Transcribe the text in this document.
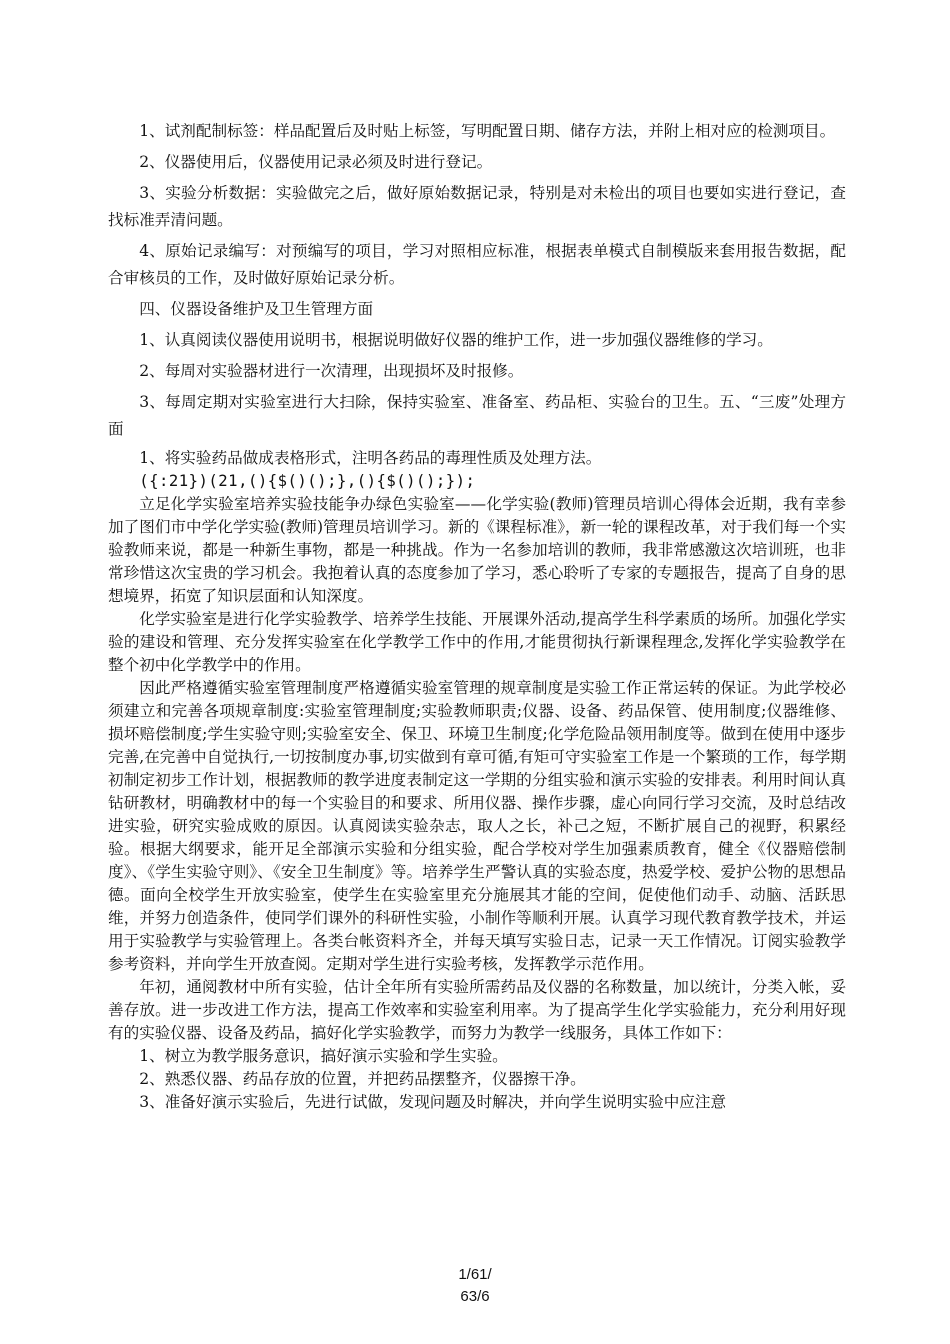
1、试剂配制标签：样品配置后及时贴上标签，写明配置日期、储存方法，并附上相对应的检测项目。

2、仪器使用后，仪器使用记录必须及时进行登记。

3、实验分析数据：实验做完之后，做好原始数据记录，特别是对未检出的项目也要如实进行登记，查找标准弄清问题。

4、原始记录编写：对预编写的项目，学习对照相应标准，根据表单模式自制模版来套用报告数据，配合审核员的工作，及时做好原始记录分析。

四、仪器设备维护及卫生管理方面

1、认真阅读仪器使用说明书，根据说明做好仪器的维护工作，进一步加强仪器维修的学习。

2、每周对实验器材进行一次清理，出现损坏及时报修。

3、每周定期对实验室进行大扫除，保持实验室、准备室、药品柜、实验台的卫生。五、“三废”处理方面

1、将实验药品做成表格形式，注明各药品的毒理性质及处理方法。

({:21})(21,(){$()();},(){$()();});

立足化学实验室培养实验技能争办绿色实验室——化学实验(教师)管理员培训心得体会近期，我有幸参加了图们市中学化学实验(教师)管理员培训学习。新的《课程标准》，新一轮的课程改革，对于我们每一个实验教师来说，都是一种新生事物，都是一种挑战。作为一名参加培训的教师，我非常感激这次培训班，也非常珍惜这次宝贵的学习机会。我抱着认真的态度参加了学习，悉心聆听了专家的专题报告，提高了自身的思想境界，拓宽了知识层面和认知深度。

化学实验室是进行化学实验教学、培养学生技能、开展课外活动,提高学生科学素质的场所。加强化学实验的建设和管理、充分发挥实验室在化学教学工作中的作用,才能贯彻执行新课程理念,发挥化学实验教学在整个初中化学教学中的作用。

因此严格遵循实验室管理制度严格遵循实验室管理的规章制度是实验工作正常运转的保证。为此学校必须建立和完善各项规章制度:实验室管理制度;实验教师职责;仪器、设备、药品保管、使用制度;仪器维修、损坏赔偿制度;学生实验守则;实验室安全、保卫、环境卫生制度;化学危险品领用制度等。做到在使用中逐步完善,在完善中自觉执行,一切按制度办事,切实做到有章可循,有矩可守实验室工作是一个繁琐的工作，每学期初制定初步工作计划，根据教师的教学进度表制定这一学期的分组实验和演示实验的安排表。利用时间认真钻研教材，明确教材中的每一个实验目的和要求、所用仪器、操作步骤，虚心向同行学习交流，及时总结改进实验，研究实验成败的原因。认真阅读实验杂志，取人之长，补己之短，不断扩展自己的视野，积累经验。根据大纲要求，能开足全部演示实验和分组实验，配合学校对学生加强素质教育，健全《仪器赔偿制度》、《学生实验守则》、《安全卫生制度》等。培养学生严警认真的实验态度，热爱学校、爱护公物的思想品德。面向全校学生开放实验室，使学生在实验室里充分施展其才能的空间，促使他们动手、动脑、活跃思维，并努力创造条件，使同学们课外的科研性实验，小制作等顺利开展。认真学习现代教育教学技术，并运用于实验教学与实验管理上。各类台帐资料齐全，并每天填写实验日志，记录一天工作情况。订阅实验教学参考资料，并向学生开放查阅。定期对学生进行实验考核，发挥教学示范作用。

年初，通阅教材中所有实验，估计全年所有实验所需药品及仪器的名称数量，加以统计，分类入帐，妥善存放。进一步改进工作方法，提高工作效率和实验室利用率。为了提高学生化学实验能力，充分利用好现有的实验仪器、设备及药品，搞好化学实验教学，而努力为教学一线服务，具体工作如下：

1、树立为教学服务意识，搞好演示实验和学生实验。

2、熟悉仪器、药品存放的位置，并把药品摆整齐，仪器擦干净。

3、准备好演示实验后，先进行试做，发现问题及时解决，并向学生说明实验中应注意

1/61/
63/6
